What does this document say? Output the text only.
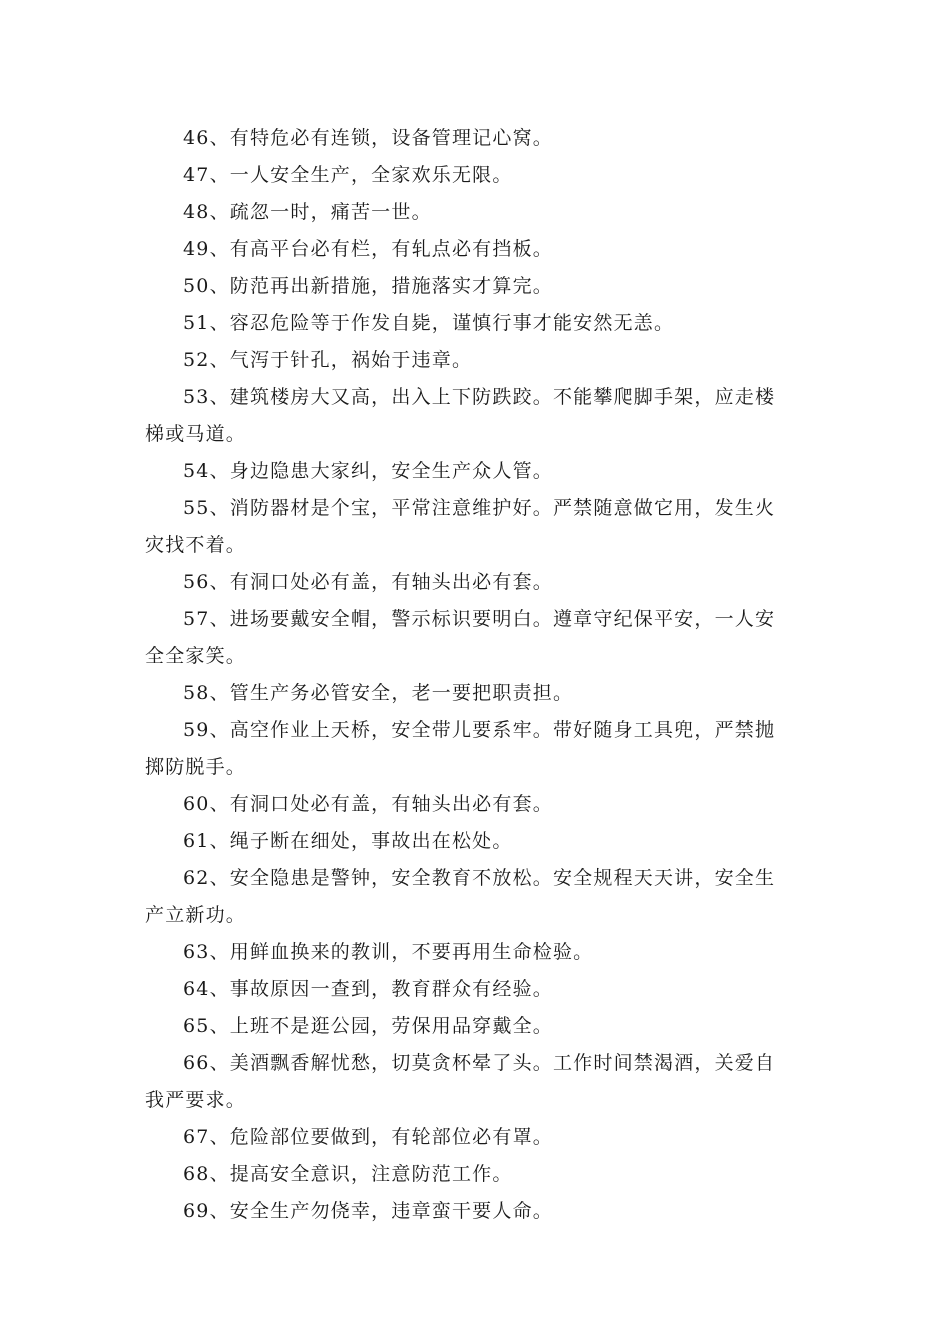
46、有特危必有连锁，设备管理记心窝。

47、一人安全生产，全家欢乐无限。

48、疏忽一时，痛苦一世。

49、有高平台必有栏，有轧点必有挡板。

50、防范再出新措施，措施落实才算完。

51、容忍危险等于作发自毙，谨慎行事才能安然无恙。

52、气泻于针孔，祸始于违章。

53、建筑楼房大又高，出入上下防跌跤。不能攀爬脚手架，应走楼梯或马道。

54、身边隐患大家纠，安全生产众人管。

55、消防器材是个宝，平常注意维护好。严禁随意做它用，发生火灾找不着。

56、有洞口处必有盖，有轴头出必有套。

57、进场要戴安全帽，警示标识要明白。遵章守纪保平安，一人安全全家笑。

58、管生产务必管安全，老一要把职责担。

59、高空作业上天桥，安全带儿要系牢。带好随身工具兜，严禁抛掷防脱手。

60、有洞口处必有盖，有轴头出必有套。

61、绳子断在细处，事故出在松处。

62、安全隐患是警钟，安全教育不放松。安全规程天天讲，安全生产立新功。

63、用鲜血换来的教训，不要再用生命检验。

64、事故原因一查到，教育群众有经验。

65、上班不是逛公园，劳保用品穿戴全。

66、美酒飘香解忧愁，切莫贪杯晕了头。工作时间禁渴酒，关爱自我严要求。

67、危险部位要做到，有轮部位必有罩。

68、提高安全意识，注意防范工作。

69、安全生产勿侥幸，违章蛮干要人命。
